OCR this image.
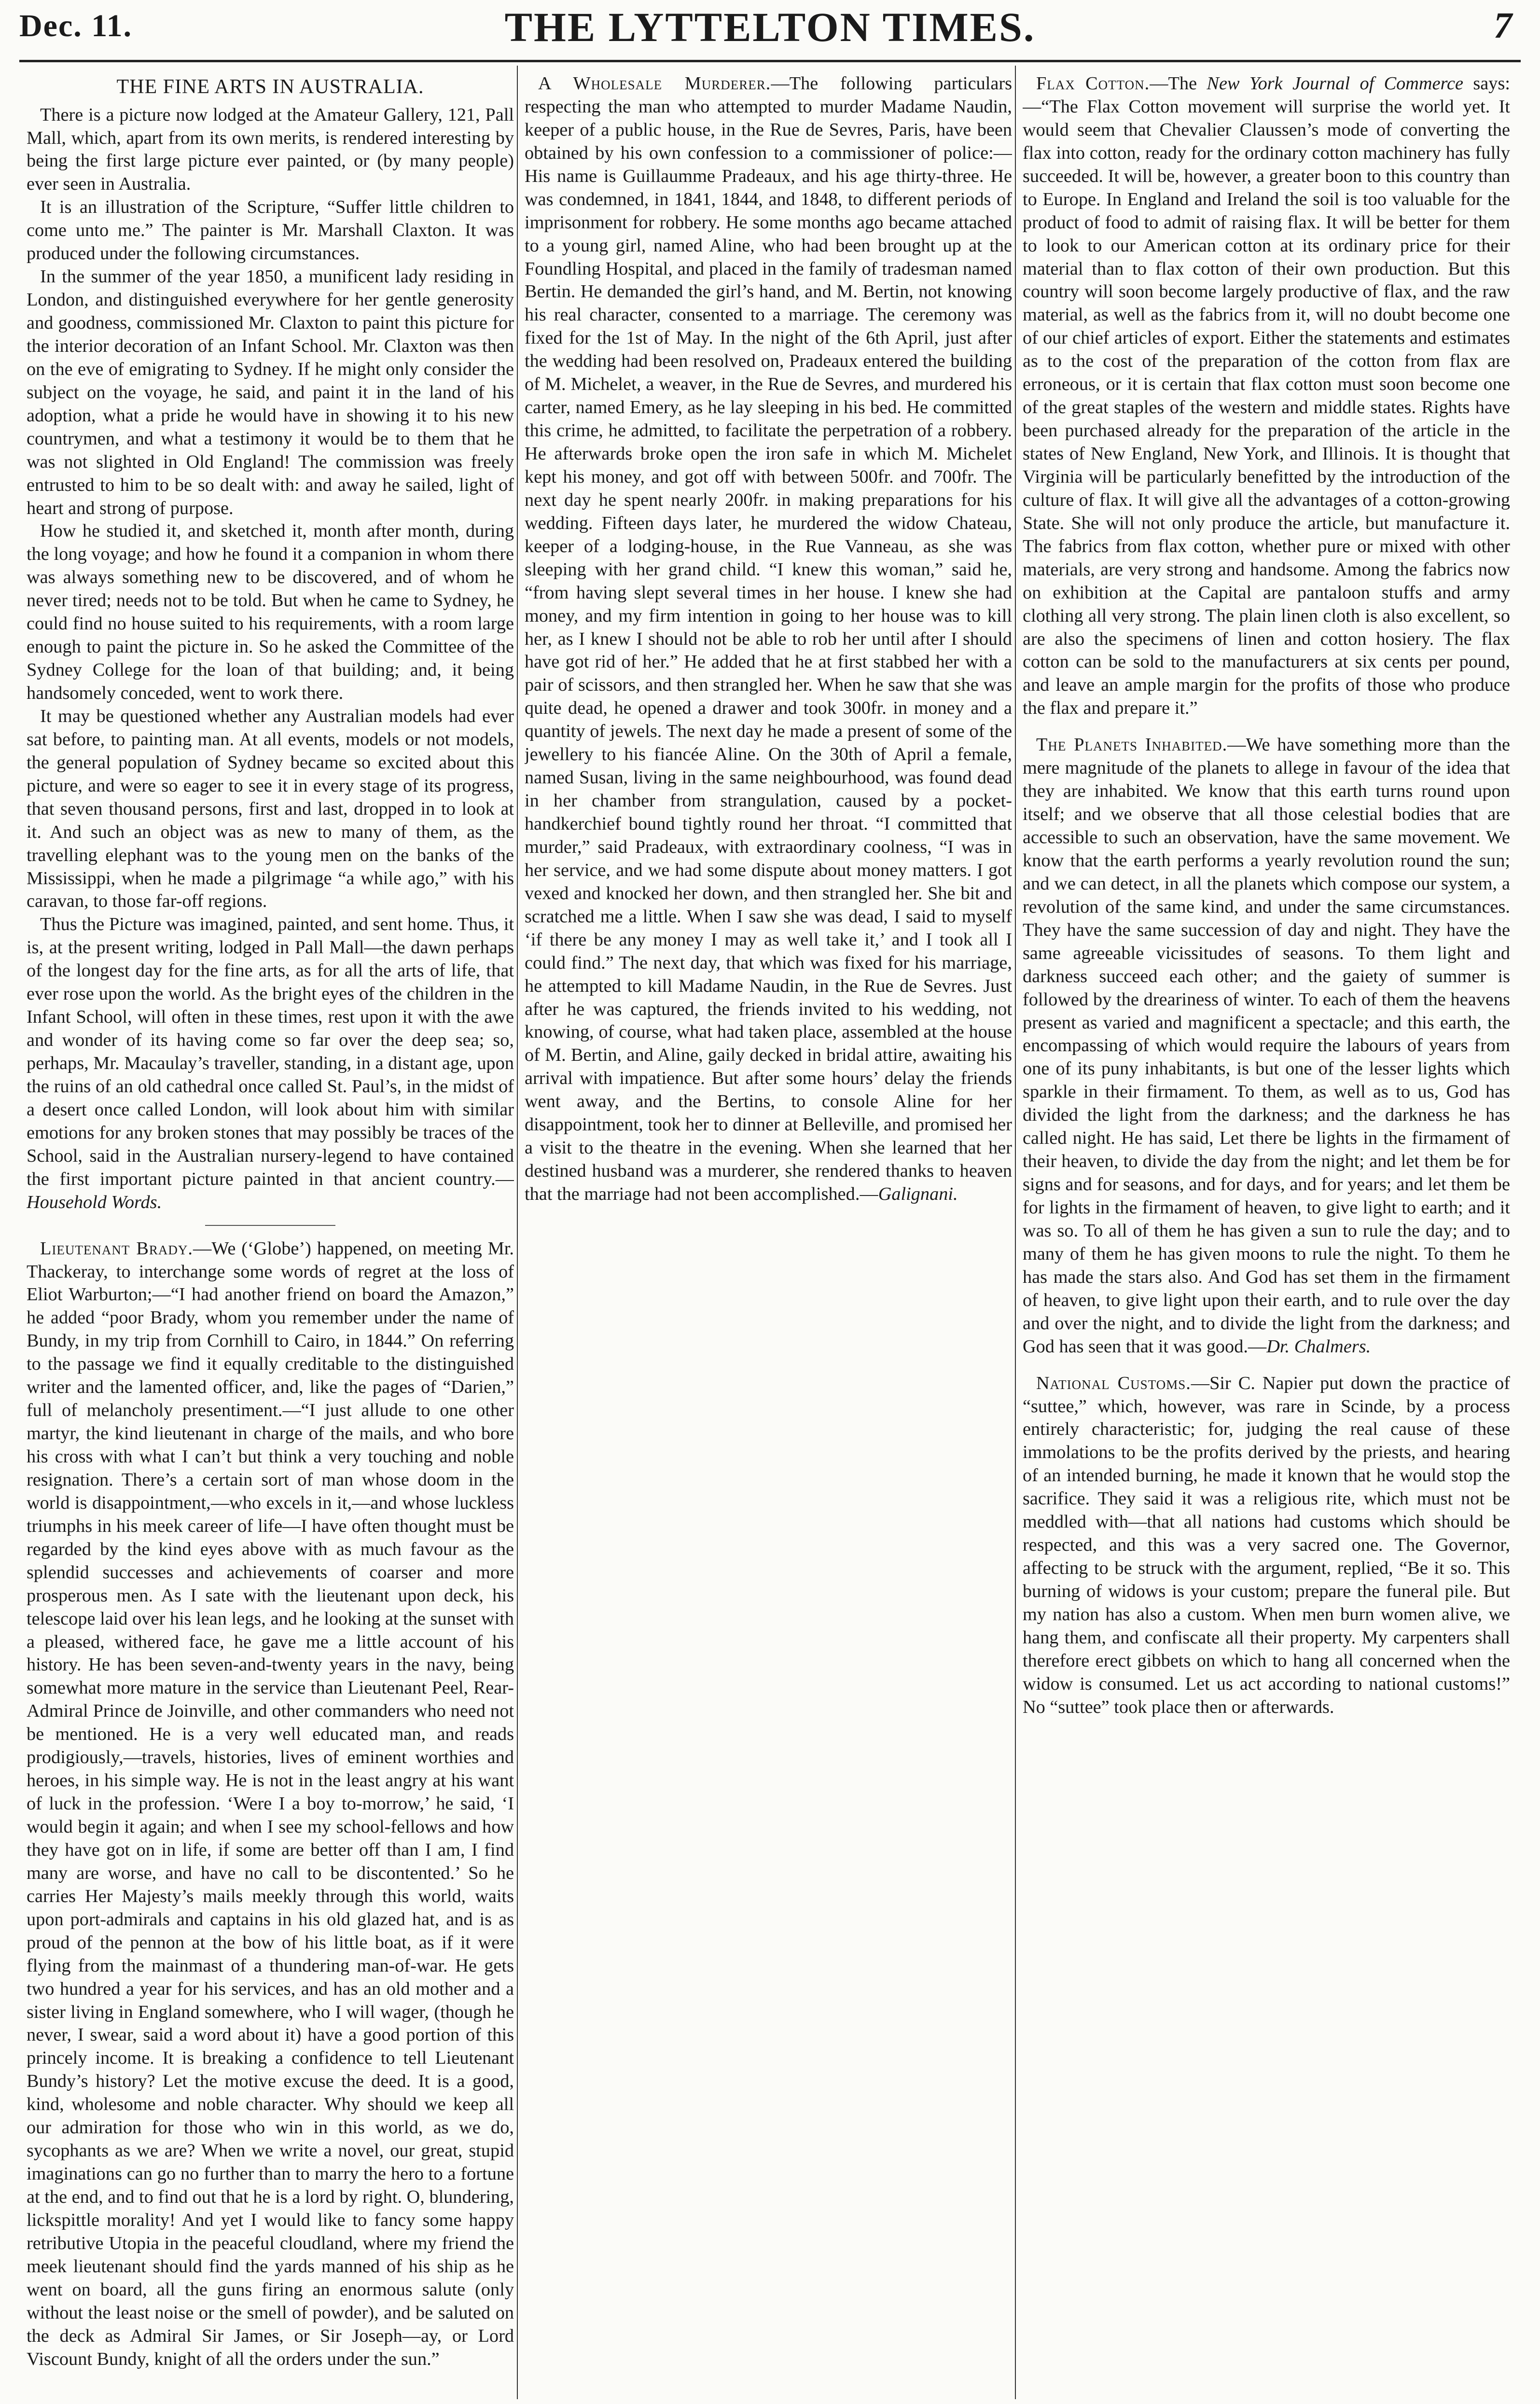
Dec. 11.	THE LYTTELTON TIMES.	7
THE FINE ARTS IN AUSTRALIA.

There is a picture now lodged at the Amateur Gallery, 121, Pall Mall, which, apart from its own merits, is rendered interesting by being the first large picture ever painted, or (by many people) ever seen in Australia.

It is an illustration of the Scripture, “Suffer little children to come unto me.” The painter is Mr. Marshall Claxton. It was produced under the following circumstances.

In the summer of the year 1850, a munificent lady residing in London, and distinguished everywhere for her gentle generosity and goodness, commissioned Mr. Claxton to paint this picture for the interior decoration of an Infant School. Mr. Claxton was then on the eve of emigrating to Sydney. If he might only consider the subject on the voyage, he said, and paint it in the land of his adoption, what a pride he would have in showing it to his new countrymen, and what a testimony it would be to them that he was not slighted in Old England! The commission was freely entrusted to him to be so dealt with: and away he sailed, light of heart and strong of purpose.

How he studied it, and sketched it, month after month, during the long voyage; and how he found it a companion in whom there was always something new to be discovered, and of whom he never tired; needs not to be told. But when he came to Sydney, he could find no house suited to his requirements, with a room large enough to paint the picture in. So he asked the Committee of the Sydney College for the loan of that building; and, it being handsomely conceded, went to work there.

It may be questioned whether any Australian models had ever sat before, to painting man. At all events, models or not models, the general population of Sydney became so excited about this picture, and were so eager to see it in every stage of its progress, that seven thousand persons, first and last, dropped in to look at it. And such an object was as new to many of them, as the travelling elephant was to the young men on the banks of the Mississippi, when he made a pilgrimage “a while ago,” with his caravan, to those far-off regions.

Thus the Picture was imagined, painted, and sent home. Thus, it is, at the present writing, lodged in Pall Mall—the dawn perhaps of the longest day for the fine arts, as for all the arts of life, that ever rose upon the world. As the bright eyes of the children in the Infant School, will often in these times, rest upon it with the awe and wonder of its having come so far over the deep sea; so, perhaps, Mr. Macaulay’s traveller, standing, in a distant age, upon the ruins of an old cathedral once called St. Paul’s, in the midst of a desert once called London, will look about him with similar emotions for any broken stones that may possibly be traces of the School, said in the Australian nursery-legend to have contained the first important picture painted in that ancient country.—Household Words.

Lieutenant Brady.—We (‘Globe’) happened, on meeting Mr. Thackeray, to interchange some words of regret at the loss of Eliot Warburton;—“I had another friend on board the Amazon,” he added “poor Brady, whom you remember under the name of Bundy, in my trip from Cornhill to Cairo, in 1844.” On referring to the passage we find it equally creditable to the distinguished writer and the lamented officer, and, like the pages of “Darien,” full of melancholy presentiment.—“I just allude to one other martyr, the kind lieutenant in charge of the mails, and who bore his cross with what I can’t but think a very touching and noble resignation. There’s a certain sort of man whose doom in the world is disappointment,—who excels in it,—and whose luckless triumphs in his meek career of life—I have often thought must be regarded by the kind eyes above with as much favour as the splendid successes and achievements of coarser and more prosperous men. As I sate with the lieutenant upon deck, his telescope laid over his lean legs, and he looking at the sunset with a pleased, withered face, he gave me a little account of his history. He has been seven-and-twenty years in the navy, being somewhat more mature in the service than Lieutenant Peel, Rear-Admiral Prince de Joinville, and other commanders who need not be mentioned. He is a very well educated man, and reads prodigiously,—travels, histories, lives of eminent worthies and heroes, in his simple way. He is not in the least angry at his want of luck in the profession. ‘Were I a boy to-morrow,’ he said, ‘I would begin it again; and when I see my school-fellows and how they have got on in life, if some are better off than I am, I find many are worse, and have no call to be discontented.’ So he carries Her Majesty’s mails meekly through this world, waits upon port-admirals and captains in his old glazed hat, and is as proud of the pennon at the bow of his little boat, as if it were flying from the mainmast of a thundering man-of-war. He gets two hundred a year for his services, and has an old mother and a sister living in England somewhere, who I will wager, (though he never, I swear, said a word about it) have a good portion of this princely income. It is breaking a confidence to tell Lieutenant Bundy’s history? Let the motive excuse the deed. It is a good, kind, wholesome and noble character. Why should we keep all our admiration for those who win in this world, as we do, sycophants as we are? When we write a novel, our great, stupid imaginations can go no further than to marry the hero to a fortune at the end, and to find out that he is a lord by right. O, blundering, lickspittle morality! And yet I would like to fancy some happy retributive Utopia in the peaceful cloudland, where my friend the meek lieutenant should find the yards manned of his ship as he went on board, all the guns firing an enormous salute (only without the least noise or the smell of powder), and be saluted on the deck as Admiral Sir James, or Sir Joseph—ay, or Lord Viscount Bundy, knight of all the orders under the sun.”

A Wholesale Murderer.—The following particulars respecting the man who attempted to murder Madame Naudin, keeper of a public house, in the Rue de Sevres, Paris, have been obtained by his own confession to a commissioner of police:—His name is Guillaumme Pradeaux, and his age thirty-three. He was condemned, in 1841, 1844, and 1848, to different periods of imprisonment for robbery. He some months ago became attached to a young girl, named Aline, who had been brought up at the Foundling Hospital, and placed in the family of tradesman named Bertin. He demanded the girl’s hand, and M. Bertin, not knowing his real character, consented to a marriage. The ceremony was fixed for the 1st of May. In the night of the 6th April, just after the wedding had been resolved on, Pradeaux entered the building of M. Michelet, a weaver, in the Rue de Sevres, and murdered his carter, named Emery, as he lay sleeping in his bed. He committed this crime, he admitted, to facilitate the perpetration of a robbery. He afterwards broke open the iron safe in which M. Michelet kept his money, and got off with between 500fr. and 700fr. The next day he spent nearly 200fr. in making preparations for his wedding. Fifteen days later, he murdered the widow Chateau, keeper of a lodging-house, in the Rue Vanneau, as she was sleeping with her grand child. “I knew this woman,” said he, “from having slept several times in her house. I knew she had money, and my firm intention in going to her house was to kill her, as I knew I should not be able to rob her until after I should have got rid of her.” He added that he at first stabbed her with a pair of scissors, and then strangled her. When he saw that she was quite dead, he opened a drawer and took 300fr. in money and a quantity of jewels. The next day he made a present of some of the jewellery to his fiancée Aline. On the 30th of April a female, named Susan, living in the same neighbourhood, was found dead in her chamber from strangulation, caused by a pocket-handkerchief bound tightly round her throat. “I committed that murder,” said Pradeaux, with extraordinary coolness, “I was in her service, and we had some dispute about money matters. I got vexed and knocked her down, and then strangled her. She bit and scratched me a little. When I saw she was dead, I said to myself ‘if there be any money I may as well take it,’ and I took all I could find.” The next day, that which was fixed for his marriage, he attempted to kill Madame Naudin, in the Rue de Sevres. Just after he was captured, the friends invited to his wedding, not knowing, of course, what had taken place, assembled at the house of M. Bertin, and Aline, gaily decked in bridal attire, awaiting his arrival with impatience. But after some hours’ delay the friends went away, and the Bertins, to console Aline for her disappointment, took her to dinner at Belleville, and promised her a visit to the theatre in the evening. When she learned that her destined husband was a murderer, she rendered thanks to heaven that the marriage had not been accomplished.—Galignani.

Flax Cotton.—The New York Journal of Commerce says:—“The Flax Cotton movement will surprise the world yet. It would seem that Chevalier Claussen’s mode of converting the flax into cotton, ready for the ordinary cotton machinery has fully succeeded. It will be, however, a greater boon to this country than to Europe. In England and Ireland the soil is too valuable for the product of food to admit of raising flax. It will be better for them to look to our American cotton at its ordinary price for their material than to flax cotton of their own production. But this country will soon become largely productive of flax, and the raw material, as well as the fabrics from it, will no doubt become one of our chief articles of export. Either the statements and estimates as to the cost of the preparation of the cotton from flax are erroneous, or it is certain that flax cotton must soon become one of the great staples of the western and middle states. Rights have been purchased already for the preparation of the article in the states of New England, New York, and Illinois. It is thought that Virginia will be particularly benefitted by the introduction of the culture of flax. It will give all the advantages of a cotton-growing State. She will not only produce the article, but manufacture it. The fabrics from flax cotton, whether pure or mixed with other materials, are very strong and handsome. Among the fabrics now on exhibition at the Capital are pantaloon stuffs and army clothing all very strong. The plain linen cloth is also excellent, so are also the specimens of linen and cotton hosiery. The flax cotton can be sold to the manufacturers at six cents per pound, and leave an ample margin for the profits of those who produce the flax and prepare it.”

The Planets Inhabited.—We have something more than the mere magnitude of the planets to allege in favour of the idea that they are inhabited. We know that this earth turns round upon itself; and we observe that all those celestial bodies that are accessible to such an observation, have the same movement. We know that the earth performs a yearly revolution round the sun; and we can detect, in all the planets which compose our system, a revolution of the same kind, and under the same circumstances. They have the same succession of day and night. They have the same agreeable vicissitudes of seasons. To them light and darkness succeed each other; and the gaiety of summer is followed by the dreariness of winter. To each of them the heavens present as varied and magnificent a spectacle; and this earth, the encompassing of which would require the labours of years from one of its puny inhabitants, is but one of the lesser lights which sparkle in their firmament. To them, as well as to us, God has divided the light from the darkness; and the darkness he has called night. He has said, Let there be lights in the firmament of their heaven, to divide the day from the night; and let them be for signs and for seasons, and for days, and for years; and let them be for lights in the firmament of heaven, to give light to earth; and it was so. To all of them he has given a sun to rule the day; and to many of them he has given moons to rule the night. To them he has made the stars also. And God has set them in the firmament of heaven, to give light upon their earth, and to rule over the day and over the night, and to divide the light from the darkness; and God has seen that it was good.—Dr. Chalmers.

National Customs.—Sir C. Napier put down the practice of “suttee,” which, however, was rare in Scinde, by a process entirely characteristic; for, judging the real cause of these immolations to be the profits derived by the priests, and hearing of an intended burning, he made it known that he would stop the sacrifice. They said it was a religious rite, which must not be meddled with—that all nations had customs which should be respected, and this was a very sacred one. The Governor, affecting to be struck with the argument, replied, “Be it so. This burning of widows is your custom; prepare the funeral pile. But my nation has also a custom. When men burn women alive, we hang them, and confiscate all their property. My carpenters shall therefore erect gibbets on which to hang all concerned when the widow is consumed. Let us act according to national customs!” No “suttee” took place then or afterwards.
